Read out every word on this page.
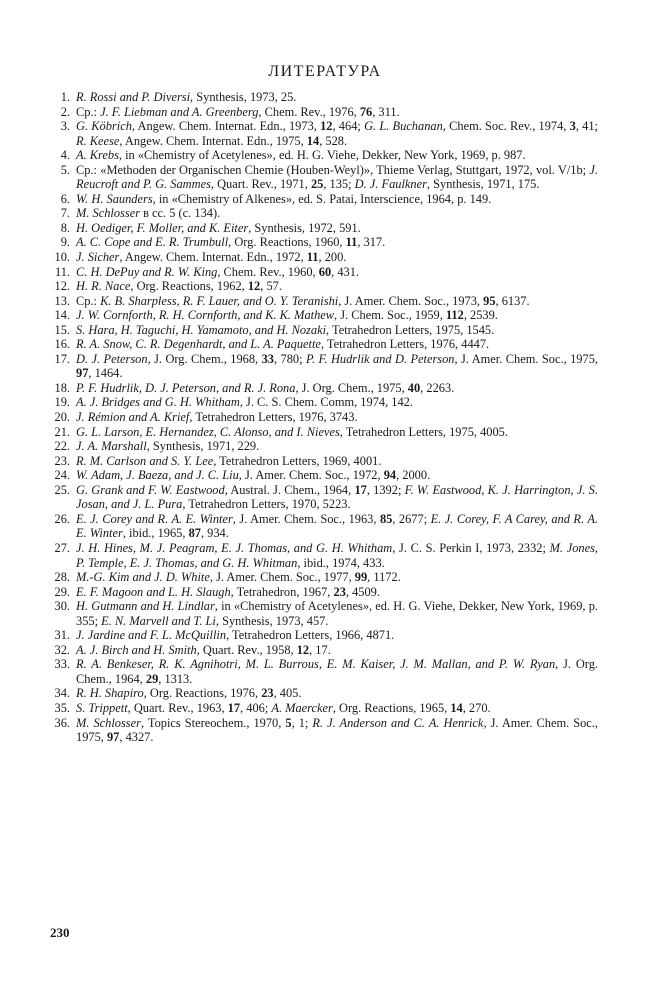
ЛИТЕРАТУРА
1. R. Rossi and P. Diversi, Synthesis, 1973, 25.
2. Cp.: J. F. Liebman and A. Greenberg, Chem. Rev., 1976, 76, 311.
3. G. Köbrich, Angew. Chem. Internat. Edn., 1973, 12, 464; G. L. Buchanan, Chem. Soc. Rev., 1974, 3, 41; R. Keese, Angew. Chem. Internat. Edn., 1975, 14, 528.
4. A. Krebs, in «Chemistry of Acetylenes», ed. H. G. Viehe, Dekker, New York, 1969, p. 987.
5. Cp.: «Methoden der Organischen Chemie (Houben-Weyl)», Thieme Verlag, Stuttgart, 1972, vol. V/1b; J. Reucroft and P. G. Sammes, Quart. Rev., 1971, 25, 135; D. J. Faulkner, Synthesis, 1971, 175.
6. W. H. Saunders, in «Chemistry of Alkenes», ed. S. Patai, Interscience, 1964, p. 149.
7. M. Schlosser в сс. 5 (с. 134).
8. H. Oediger, F. Moller, and K. Eiter, Synthesis, 1972, 591.
9. A. C. Cope and E. R. Trumbull, Org. Reactions, 1960, 11, 317.
10. J. Sicher, Angew. Chem. Internat. Edn., 1972, 11, 200.
11. C. H. DePuy and R. W. King, Chem. Rev., 1960, 60, 431.
12. H. R. Nace, Org. Reactions, 1962, 12, 57.
13. Cp.: K. B. Sharpless, R. F. Lauer, and O. Y. Teranishi, J. Amer. Chem. Soc., 1973, 95, 6137.
14. J. W. Cornforth, R. H. Cornforth, and K. K. Mathew, J. Chem. Soc., 1959, 112, 2539.
15. S. Hara, H. Taguchi, H. Yamamoto, and H. Nozaki, Tetrahedron Letters, 1975, 1545.
16. R. A. Snow, C. R. Degenhardt, and L. A. Paquette, Tetrahedron Letters, 1976, 4447.
17. D. J. Peterson, J. Org. Chem., 1968, 33, 780; P. F. Hudrlik and D. Peterson, J. Amer. Chem. Soc., 1975, 97, 1464.
18. P. F. Hudrlik, D. J. Peterson, and R. J. Rona, J. Org. Chem., 1975, 40, 2263.
19. A. J. Bridges and G. H. Whitham, J. C. S. Chem. Comm, 1974, 142.
20. J. Rémion and A. Krief, Tetrahedron Letters, 1976, 3743.
21. G. L. Larson, E. Hernandez, C. Alonso, and I. Nieves, Tetrahedron Letters, 1975, 4005.
22. J. A. Marshall, Synthesis, 1971, 229.
23. R. M. Carlson and S. Y. Lee, Tetrahedron Letters, 1969, 4001.
24. W. Adam, J. Baeza, and J. C. Liu, J. Amer. Chem. Soc., 1972, 94, 2000.
25. G. Grank and F. W. Eastwood, Austral. J. Chem., 1964, 17, 1392; F. W. Eastwood, K. J. Harrington, J. S. Josan, and J. L. Pura, Tetrahedron Letters, 1970, 5223.
26. E. J. Corey and R. A. E. Winter, J. Amer. Chem. Soc., 1963, 85, 2677; E. J. Corey, F. A Carey, and R. A. E. Winter, ibid., 1965, 87, 934.
27. J. H. Hines, M. J. Peagram, E. J. Thomas, and G. H. Whitham, J. C. S. Perkin I, 1973, 2332; M. Jones, P. Temple, E. J. Thomas, and G. H. Whitman, ibid., 1974, 433.
28. M.-G. Kim and J. D. White, J. Amer. Chem. Soc., 1977, 99, 1172.
29. E. F. Magoon and L. H. Slaugh, Tetrahedron, 1967, 23, 4509.
30. H. Gutmann and H. Lindlar, in «Chemistry of Acetylenes», ed. H. G. Viehe, Dekker, New York, 1969, p. 355; E. N. Marvell and T. Li, Synthesis, 1973, 457.
31. J. Jardine and F. L. McQuillin, Tetrahedron Letters, 1966, 4871.
32. A. J. Birch and H. Smith, Quart. Rev., 1958, 12, 17.
33. R. A. Benkeser, R. K. Agnihotri, M. L. Burrous, E. M. Kaiser, J. M. Mallan, and P. W. Ryan, J. Org. Chem., 1964, 29, 1313.
34. R. H. Shapiro, Org. Reactions, 1976, 23, 405.
35. S. Trippett, Quart. Rev., 1963, 17, 406; A. Maercker, Org. Reactions, 1965, 14, 270.
36. M. Schlosser, Topics Stereochem., 1970, 5, 1; R. J. Anderson and C. A. Henrick, J. Amer. Chem. Soc., 1975, 97, 4327.
230
